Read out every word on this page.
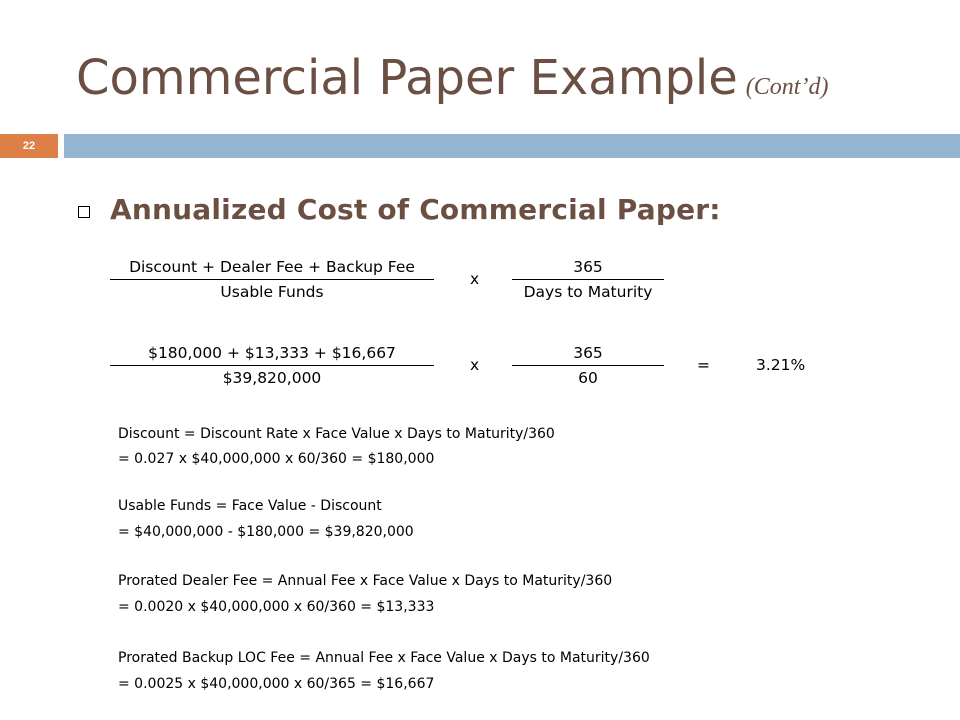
Commercial Paper Example (Cont’d)
22
Annualized Cost of Commercial Paper:
Discount + Dealer Fee + Backup Fee
Usable Funds
x
365
Days to Maturity
$180,000 + $13,333 + $16,667
$39,820,000
x
365
60
=	3.21%
Discount = Discount Rate x Face Value x Days to Maturity/360
= 0.027 x $40,000,000 x 60/360 = $180,000
Usable Funds = Face Value - Discount
= $40,000,000 - $180,000 = $39,820,000
Prorated Dealer Fee = Annual Fee x Face Value x Days to Maturity/360
= 0.0020 x $40,000,000 x 60/360 = $13,333
Prorated Backup LOC Fee = Annual Fee x Face Value x Days to Maturity/360
= 0.0025 x $40,000,000 x 60/365 = $16,667
